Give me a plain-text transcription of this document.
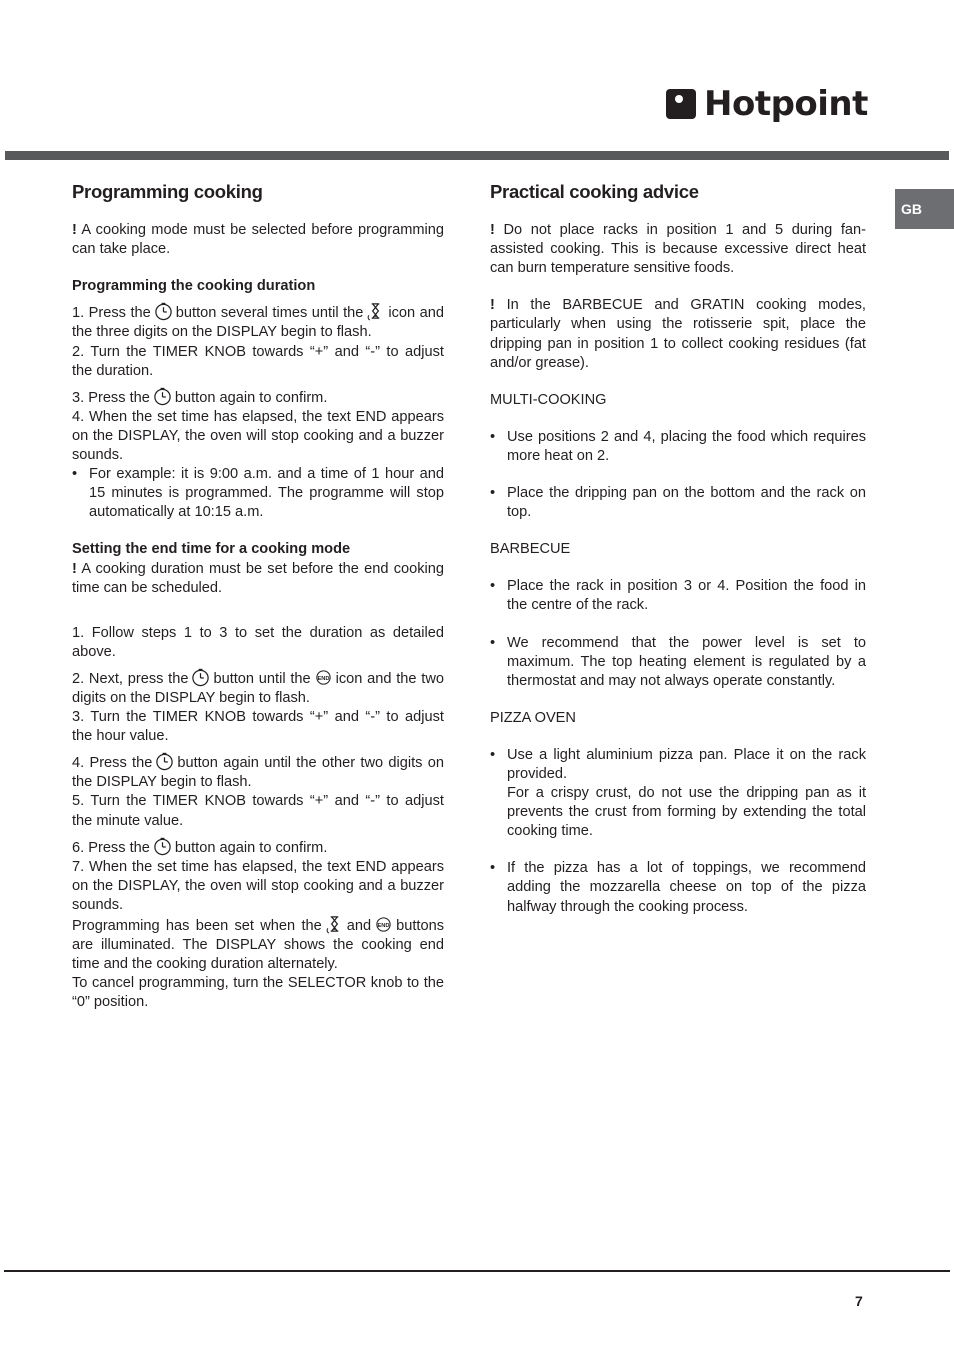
Hotpoint
GB
Programming cooking

! A cooking mode must be selected before programming can take place.

Programming the cooking duration

1. Press the button several times until the icon and the three digits on the DISPLAY begin to flash.

2. Turn the TIMER KNOB towards “+” and “-” to adjust the duration.

3. Press the button again to confirm.

4. When the set time has elapsed, the text END appears on the DISPLAY, the oven will stop cooking and a buzzer sounds.

• For example: it is 9:00 a.m. and a time of 1 hour and 15 minutes is programmed. The programme will stop automatically at 10:15 a.m.
Setting the end time for a cooking mode

! A cooking duration must be set before the end cooking time can be scheduled.

1. Follow steps 1 to 3 to set the duration as detailed above.

2. Next, press the button until the icon and the two digits on the DISPLAY begin to flash.

3. Turn the TIMER KNOB towards “+” and “-” to adjust the hour value.

4. Press the button again until the other two digits on the DISPLAY begin to flash.

5. Turn the TIMER KNOB towards “+” and “-” to adjust the minute value.

6. Press the button again to confirm.

7. When the set time has elapsed, the text END appears on the DISPLAY, the oven will stop cooking and a buzzer sounds.

Programming has been set when the and buttons are illuminated. The DISPLAY shows the cooking end time and the cooking duration alternately.

To cancel programming, turn the SELECTOR knob to the “0” position.

Practical cooking advice

! Do not place racks in position 1 and 5 during fan-assisted cooking. This is because excessive direct heat can burn temperature sensitive foods.

! In the BARBECUE and GRATIN cooking modes, particularly when using the rotisserie spit, place the dripping pan in position 1 to collect cooking residues (fat and/or grease).

MULTI-COOKING

• Use positions 2 and 4, placing the food which requires more heat on 2.
• Place the dripping pan on the bottom and the rack on top.

BARBECUE

• Place the rack in position 3 or 4. Position the food in the centre of the rack.
• We recommend that the power level is set to maximum. The top heating element is regulated by a thermostat and may not always operate constantly.

PIZZA OVEN

• Use a light aluminium pizza pan. Place it on the rack provided.
For a crispy crust, do not use the dripping pan as it prevents the crust from forming by extending the total cooking time.
• If the pizza has a lot of toppings, we recommend adding the mozzarella cheese on top of the pizza halfway through the cooking process.
7
